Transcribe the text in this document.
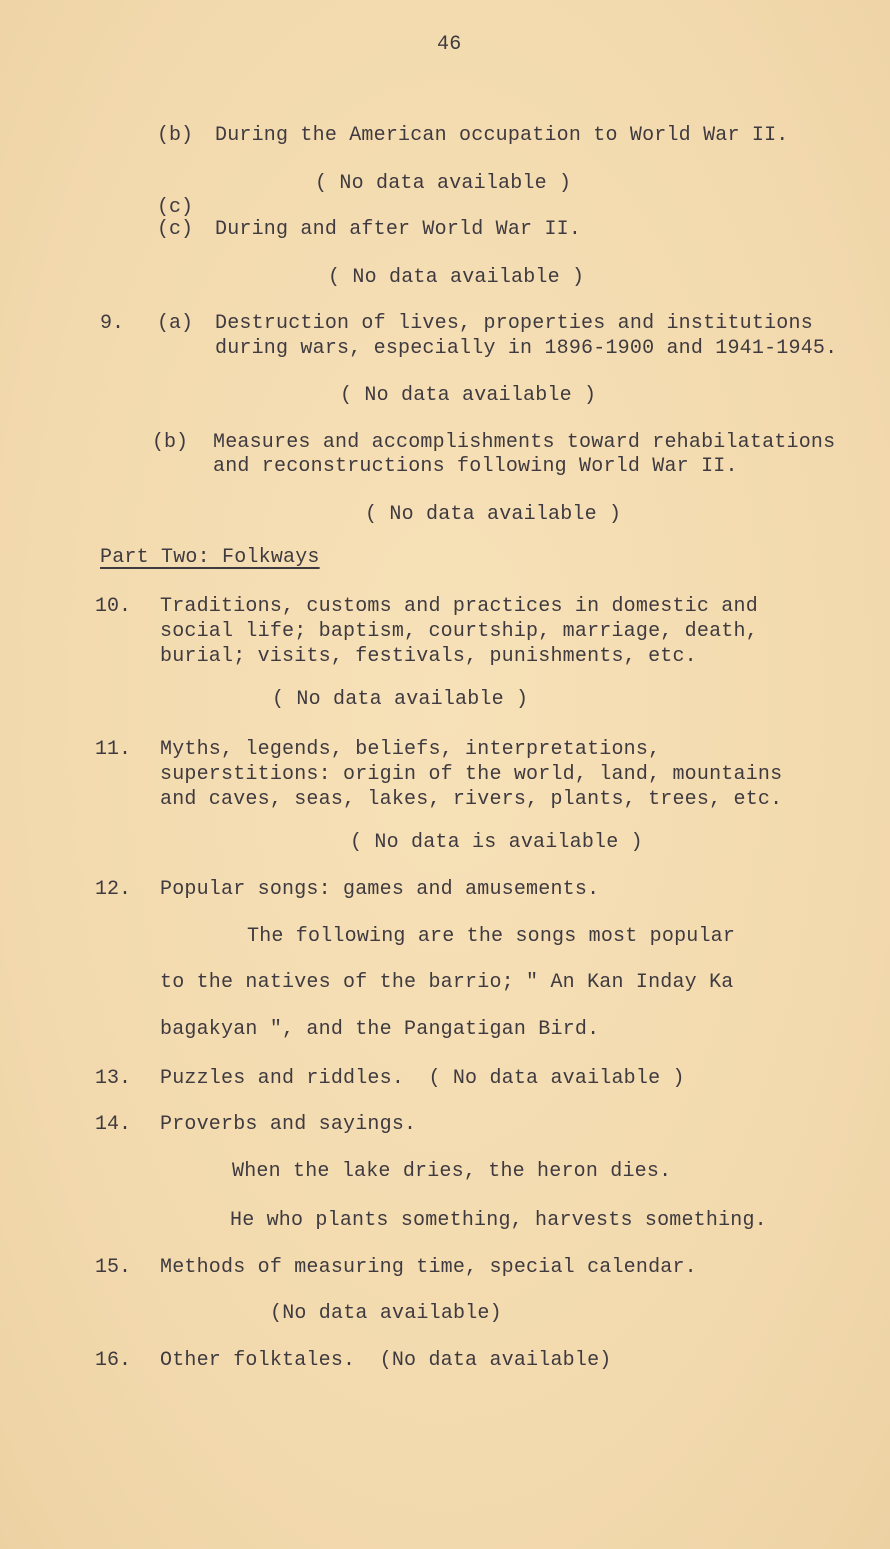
46
(b) During the American occupation to World War II.
( No data available )
(c)
(c) During and after World War II.
( No data available )
9. (a) Destruction of lives, properties and institutions
during wars, especially in 1896-1900 and 1941-1945.
( No data available )
(b) Measures and accomplishments toward rehabilatations
and reconstructions following World War II.
( No data available )
Part Two: Folkways
10. Traditions, customs and practices in domestic and
social life; baptism, courtship, marriage, death,
burial; visits, festivals, punishments, etc.
( No data available )
11. Myths, legends, beliefs, interpretations,
superstitions: origin of the world, land, mountains
and caves, seas, lakes, rivers, plants, trees, etc.
( No data is available )
12. Popular songs: games and amusements.
The following are the songs most popular
to the natives of the barrio; " An Kan Inday Ka
bagakyan ", and the Pangatigan Bird.
13. Puzzles and riddles.  ( No data available )
14. Proverbs and sayings.
When the lake dries, the heron dies.
He who plants something, harvests something.
15. Methods of measuring time, special calendar.
(No data available)
16. Other folktales.  (No data available)
